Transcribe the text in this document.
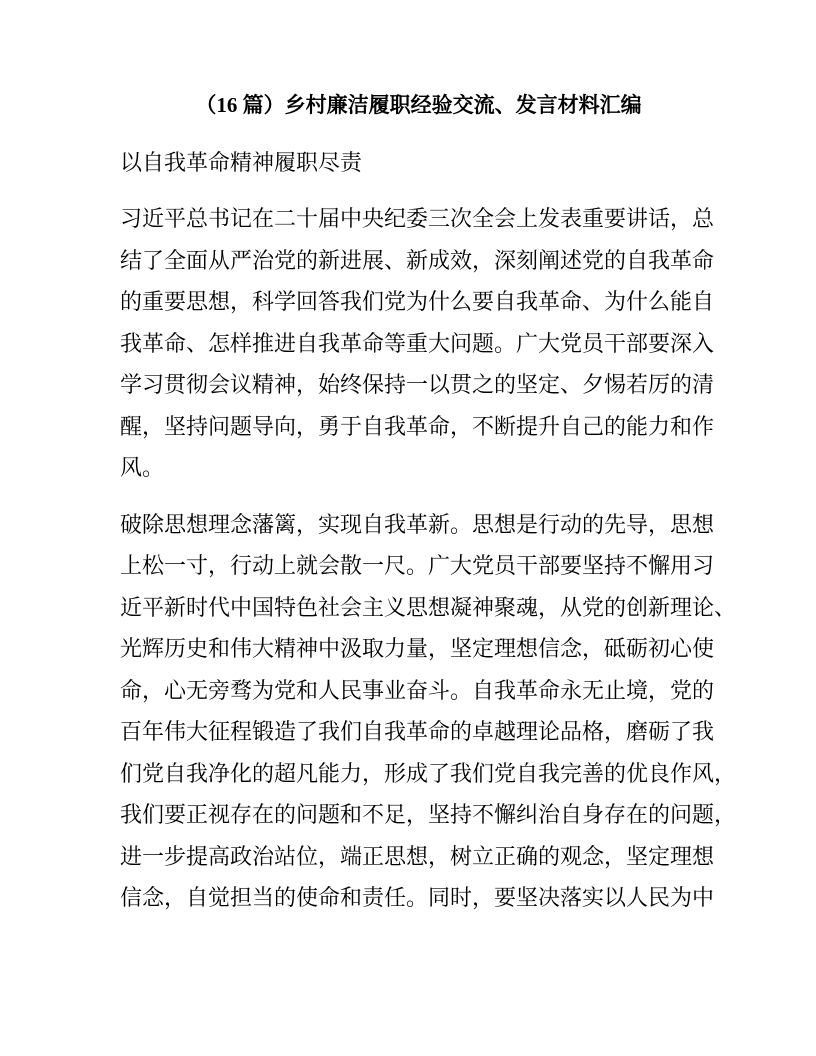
（16 篇）乡村廉洁履职经验交流、发言材料汇编
以自我革命精神履职尽责
习近平总书记在二十届中央纪委三次全会上发表重要讲话，总
结了全面从严治党的新进展、新成效，深刻阐述党的自我革命
的重要思想，科学回答我们党为什么要自我革命、为什么能自
我革命、怎样推进自我革命等重大问题。广大党员干部要深入
学习贯彻会议精神，始终保持一以贯之的坚定、夕惕若厉的清
醒，坚持问题导向，勇于自我革命，不断提升自己的能力和作
风。
破除思想理念藩篱，实现自我革新。思想是行动的先导，思想
上松一寸，行动上就会散一尺。广大党员干部要坚持不懈用习
近平新时代中国特色社会主义思想凝神聚魂，从党的创新理论、
光辉历史和伟大精神中汲取力量，坚定理想信念，砥砺初心使
命，心无旁骛为党和人民事业奋斗。自我革命永无止境，党的
百年伟大征程锻造了我们自我革命的卓越理论品格，磨砺了我
们党自我净化的超凡能力，形成了我们党自我完善的优良作风，
我们要正视存在的问题和不足，坚持不懈纠治自身存在的问题，
进一步提高政治站位，端正思想，树立正确的观念，坚定理想
信念，自觉担当的使命和责任。同时，要坚决落实以人民为中
